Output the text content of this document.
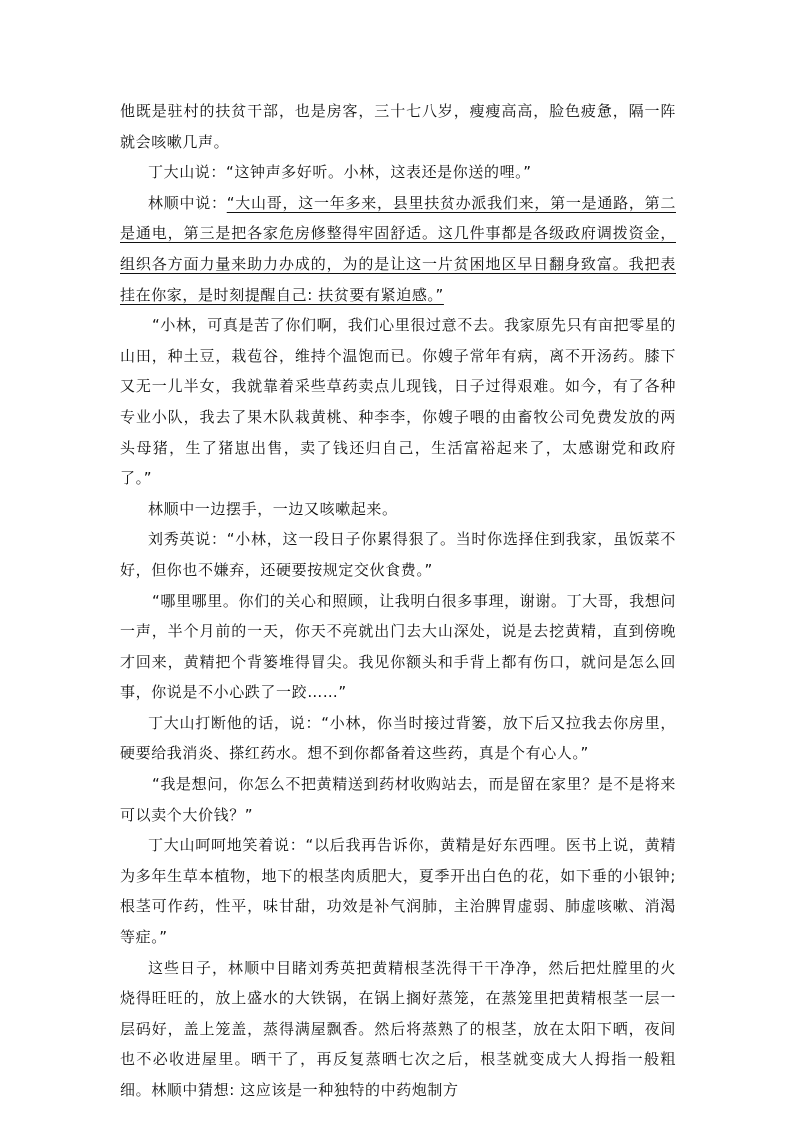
他既是驻村的扶贫干部，也是房客，三十七八岁，瘦瘦高高，脸色疲惫，隔一阵就会咳嗽几声。

丁大山说：“这钟声多好听。小林，这表还是你送的哩。”

林顺中说：“大山哥，这一年多来，县里扶贫办派我们来，第一是通路，第二是通电，第三是把各家危房修整得牢固舒适。这几件事都是各级政府调拨资金，组织各方面力量来助力办成的，为的是让这一片贫困地区早日翻身致富。我把表挂在你家，是时刻提醒自己: 扶贫要有紧迫感。”

“小林，可真是苦了你们啊，我们心里很过意不去。我家原先只有亩把零星的山田，种土豆，栽苞谷，维持个温饱而已。你嫂子常年有病，离不开汤药。膝下又无一儿半女，我就靠着采些草药卖点儿现钱，日子过得艰难。如今，有了各种专业小队，我去了果木队栽黄桃、种李李，你嫂子喂的由畜牧公司免费发放的两头母猪，生了猪崽出售，卖了钱还归自己，生活富裕起来了，太感谢党和政府了。”

林顺中一边摆手，一边又咳嗽起来。

刘秀英说：“小林，这一段日子你累得狠了。当时你选择住到我家，虽饭菜不好，但你也不嫌弃，还硬要按规定交伙食费。”

“哪里哪里。你们的关心和照顾，让我明白很多事理，谢谢。丁大哥，我想问一声，半个月前的一天，你天不亮就出门去大山深处，说是去挖黄精，直到傍晚才回来，黄精把个背篓堆得冒尖。我见你额头和手背上都有伤口，就问是怎么回事，你说是不小心跌了一跤……”

丁大山打断他的话，说：“小林，你当时接过背篓，放下后又拉我去你房里，硬要给我消炎、搽红药水。想不到你都备着这些药，真是个有心人。”

“我是想问，你怎么不把黄精送到药材收购站去，而是留在家里？是不是将来可以卖个大价钱？”

丁大山呵呵地笑着说：“以后我再告诉你，黄精是好东西哩。医书上说，黄精为多年生草本植物，地下的根茎肉质肥大，夏季开出白色的花，如下垂的小银钟; 根茎可作药，性平，味甘甜，功效是补气润肺，主治脾胃虚弱、肺虚咳嗽、消渴等症。”

这些日子，林顺中目睹刘秀英把黄精根茎洗得干干净净，然后把灶膛里的火烧得旺旺的，放上盛水的大铁锅，在锅上搁好蒸笼，在蒸笼里把黄精根茎一层一层码好，盖上笼盖，蒸得满屋飘香。然后将蒸熟了的根茎，放在太阳下晒，夜间也不必收进屋里。晒干了，再反复蒸晒七次之后，根茎就变成大人拇指一般粗细。林顺中猜想: 这应该是一种独特的中药炮制方
